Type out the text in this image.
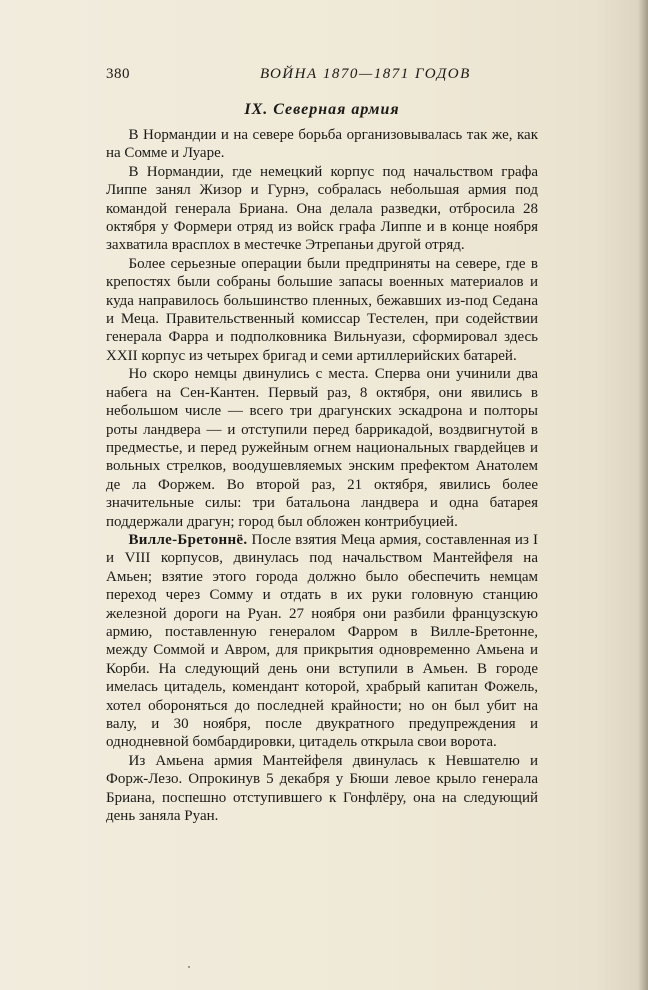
380	ВОЙНА 1870—1871 ГОДОВ
IX. Северная армия

В Нормандии и на севере борьба организовывалась так же, как на Сомме и Луаре.

В Нормандии, где немецкий корпус под начальством графа Липпе занял Жизор и Гурнэ, собралась небольшая армия под командой генерала Бриана. Она делала разведки, отбросила 28 октября у Формери отряд из войск графа Липпе и в конце ноября захватила врасплох в местечке Этрепаньи другой отряд.

Более серьезные операции были предприняты на севере, где в крепостях были собраны большие запасы военных материалов и куда направилось большинство пленных, бежавших из-под Седана и Меца. Правительственный комиссар Тестелен, при содействии генерала Фарра и подполковника Вильнуази, сформировал здесь XXII корпус из четырех бригад и семи артиллерийских батарей.

Но скоро немцы двинулись с места. Сперва они учинили два набега на Сен-Кантен. Первый раз, 8 октября, они явились в небольшом числе — всего три драгунских эскадрона и полторы роты ландвера — и отступили перед баррикадой, воздвигнутой в предместье, и перед ружейным огнем национальных гвардейцев и вольных стрелков, воодушевляемых энским префектом Анатолем де ла Форжем. Во второй раз, 21 октября, явились более значительные силы: три батальона ландвера и одна батарея поддержали драгун; город был обложен контрибуцией.

Вилле-Бретоннё. После взятия Меца армия, составленная из I и VIII корпусов, двинулась под начальством Мантейфеля на Амьен; взятие этого города должно было обеспечить немцам переход через Сомму и отдать в их руки головную станцию железной дороги на Руан. 27 ноября они разбили французскую армию, поставленную генералом Фарром в Вилле-Бретонне, между Соммой и Авром, для прикрытия одновременно Амьена и Корби. На следующий день они вступили в Амьен. В городе имелась цитадель, комендант которой, храбрый капитан Фожель, хотел обороняться до последней крайности; но он был убит на валу, и 30 ноября, после двукратного предупреждения и однодневной бомбардировки, цитадель открыла свои ворота.

Из Амьена армия Мантейфеля двинулась к Невшателю и Форж-Лезо. Опрокинув 5 декабря у Бюши левое крыло генерала Бриана, поспешно отступившего к Гонфлёру, она на следующий день заняла Руан.
